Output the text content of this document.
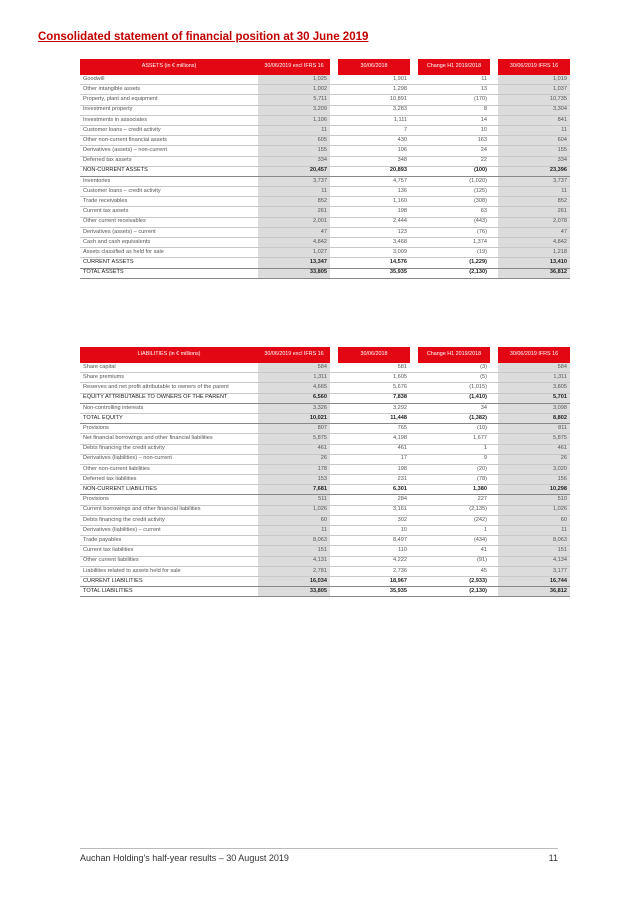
Consolidated statement of financial position at 30 June 2019
ASSETS (in € millions)	30/06/2019 excl IFRS 16		30/06/2018		Change H1 2019/2018		30/06/2019 IFRS 16
Goodwill	1,025		1,901		11		1,019
Other intangible assets	1,002		1,298		13		1,037
Property, plant and equipment	5,711		10,891		(170)		10,735
Investment property	3,209		3,283		8		3,304
Investments in associates	1,106		1,111		14		841
Customer loans – credit activity	11		7		10		11
Other non-current financial assets	605		430		163		604
Derivatives (assets) – non-current	155		106		24		155
Deferred tax assets	334		348		22		334
NON-CURRENT ASSETS	20,457		20,893		(100)		23,396
Inventories	3,737		4,757		(1,020)		3,737
Customer loans – credit activity	11		136		(125)		11
Trade receivables	852		1,160		(308)		852
Current tax assets	261		198		63		261
Other current receivables	2,001		2,444		(443)		2,078
Derivatives (assets) – current	47		123		(76)		47
Cash and cash equivalents	4,842		3,468		1,374		4,842
Assets classified as held for sale	1,027		3,009		(19)		1,218
CURRENT ASSETS	13,347		14,576		(1,229)		13,410
TOTAL ASSETS	33,805		35,935		(2,130)		36,812
LIABILITIES (in € millions)	30/06/2019 excl IFRS 16		30/06/2018		Change H1 2019/2018		30/06/2019 IFRS 16
Share capital	584		581		(3)		584
Share premiums	1,311		1,605		(5)		1,311
Reserves and net profit attributable to owners of the parent	4,665		5,676		(1,015)		3,805
EQUITY ATTRIBUTABLE TO OWNERS OF THE PARENT	6,560		7,838		(1,410)		5,701
Non-controlling interests	3,326		3,292		34		3,098
TOTAL EQUITY	10,021		11,448		(1,382)		8,802
Provisions	807		765		(10)		811
Net financial borrowings and other financial liabilities	5,875		4,198		1,677		5,875
Debts financing the credit activity	461		461		1		461
Derivatives (liabilities) – non-current	26		17		9		26
Other non-current liabilities	178		198		(20)		3,020
Deferred tax liabilities	153		231		(78)		156
NON-CURRENT LIABILITIES	7,681		6,301		1,380		10,298
Provisions	511		284		227		510
Current borrowings and other financial liabilities	1,026		3,161		(2,135)		1,026
Debts financing the credit activity	60		302		(242)		60
Derivatives (liabilities) – current	11		10		1		11
Trade payables	8,063		8,497		(434)		8,063
Current tax liabilities	151		110		41		151
Other current liabilities	4,131		4,222		(91)		4,134
Liabilities related to assets held for sale	2,781		2,736		45		3,177
CURRENT LIABILITIES	16,034		18,967		(2,933)		16,744
TOTAL LIABILITIES	33,805		35,935		(2,130)		36,812
Auchan Holding's half-year results – 30 August 2019	11
